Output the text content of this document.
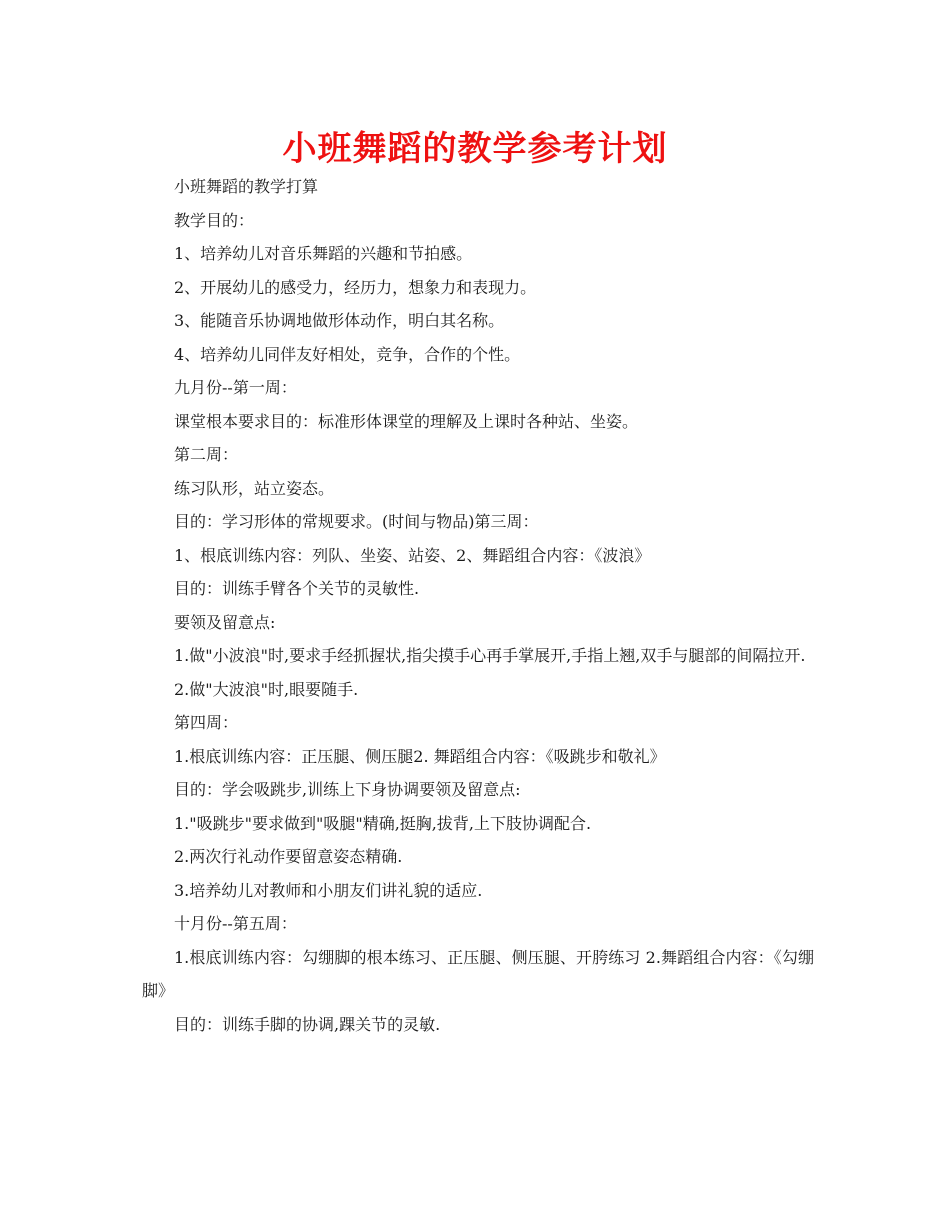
小班舞蹈的教学参考计划

小班舞蹈的教学打算

教学目的：

1、培养幼儿对音乐舞蹈的兴趣和节拍感。

2、开展幼儿的感受力，经历力，想象力和表现力。

3、能随音乐协调地做形体动作，明白其名称。

4、培养幼儿同伴友好相处，竞争，合作的个性。

九月份--第一周：

课堂根本要求目的：标准形体课堂的理解及上课时各种站、坐姿。

第二周：

练习队形，站立姿态。

目的：学习形体的常规要求。(时间与物品)第三周：

1、根底训练内容：列队、坐姿、站姿、2、舞蹈组合内容：《波浪》

目的：训练手臂各个关节的灵敏性.

要领及留意点:

1.做"小波浪"时,要求手经抓握状,指尖摸手心再手掌展开,手指上翘,双手与腿部的间隔拉开.

2.做"大波浪"时,眼要随手.

第四周：

1.根底训练内容：正压腿、侧压腿2. 舞蹈组合内容：《吸跳步和敬礼》

目的：学会吸跳步,训练上下身协调要领及留意点:

1."吸跳步"要求做到"吸腿"精确,挺胸,拔背,上下肢协调配合.

2.两次行礼动作要留意姿态精确.

3.培养幼儿对教师和小朋友们讲礼貌的适应.

十月份--第五周：

1.根底训练内容：勾绷脚的根本练习、正压腿、侧压腿、开胯练习 2.舞蹈组合内容：《勾绷脚》

目的：训练手脚的协调,踝关节的灵敏.
